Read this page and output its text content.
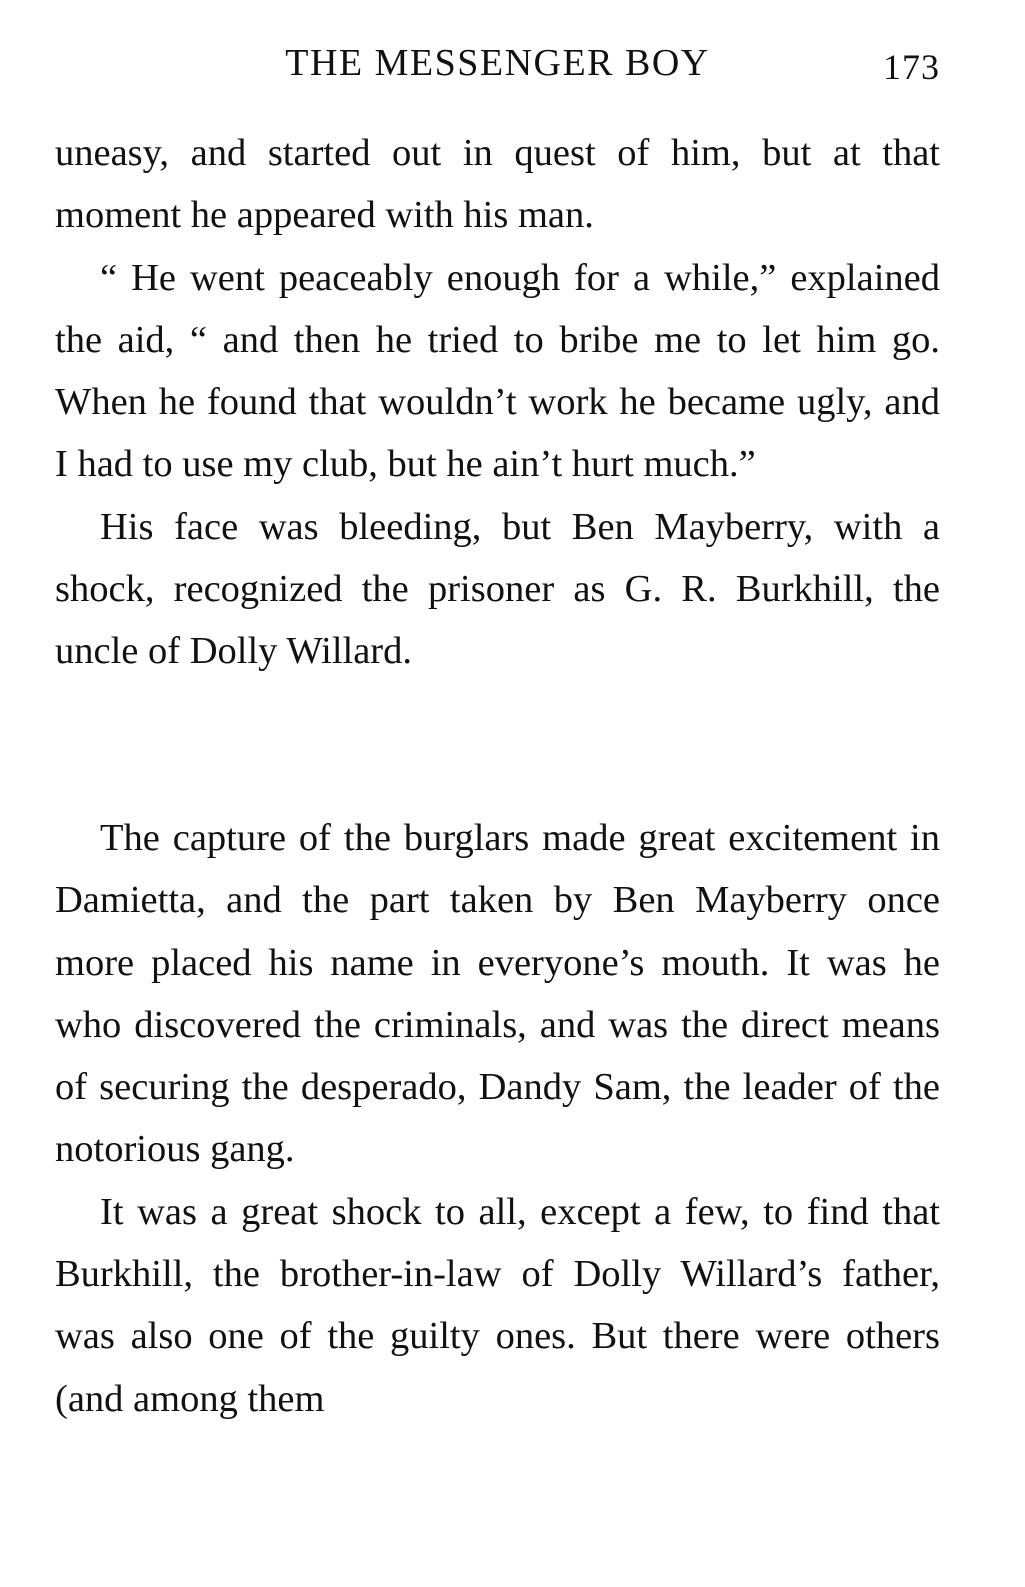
THE MESSENGER BOY	173

uneasy, and started out in quest of him, but at that moment he appeared with his man.

“ He went peaceably enough for a while,” explained the aid, “ and then he tried to bribe me to let him go. When he found that wouldn’t work he became ugly, and I had to use my club, but he ain’t hurt much.”

His face was bleeding, but Ben Mayberry, with a shock, recognized the prisoner as G. R. Burkhill, the uncle of Dolly Willard.

The capture of the burglars made great excitement in Damietta, and the part taken by Ben Mayberry once more placed his name in everyone’s mouth. It was he who discovered the criminals, and was the direct means of securing the desperado, Dandy Sam, the leader of the notorious gang.

It was a great shock to all, except a few, to find that Burkhill, the brother-in-law of Dolly Willard’s father, was also one of the guilty ones. But there were others (and among them
